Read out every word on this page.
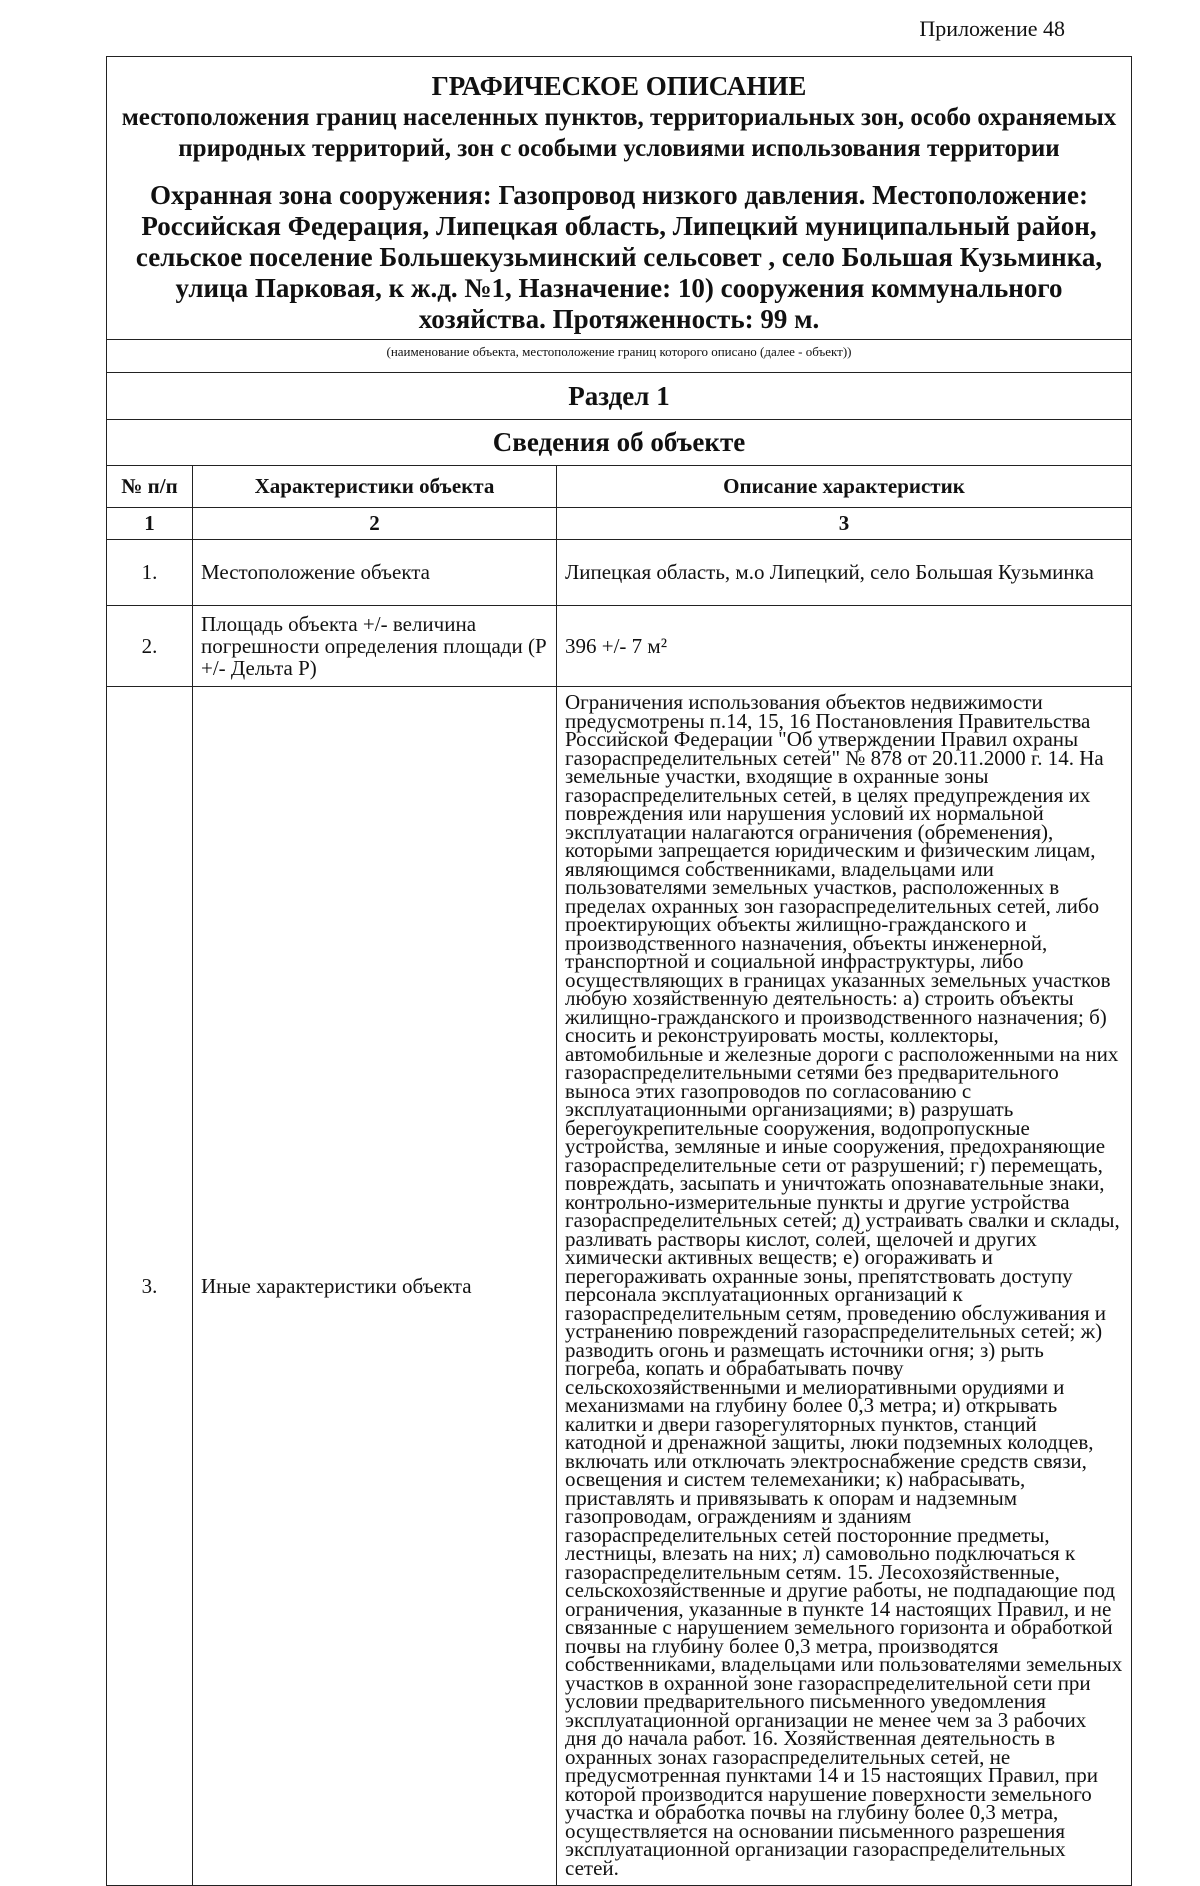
Приложение 48
ГРАФИЧЕСКОЕ ОПИСАНИЕ
местоположения границ населенных пунктов, территориальных зон, особо охраняемых природных территорий, зон с особыми условиями использования территории
Охранная зона сооружения: Газопровод низкого давления. Местоположение: Российская Федерация, Липецкая область, Липецкий муниципальный район, сельское поселение Большекузьминский сельсовет , село Большая Кузьминка, улица Парковая, к ж.д. №1, Назначение: 10) сооружения коммунального хозяйства. Протяженность: 99 м.
(наименование объекта, местоположение границ которого описано (далее - объект))
Раздел 1
Сведения об объекте
№ п/п	Характеристики объекта	Описание характеристик
1	2	3
1.	Местоположение объекта	Липецкая область, м.о Липецкий, село Большая Кузьминка
2.	Площадь объекта +/- величина погрешности определения площади (P +/- Дельта P)	396 +/- 7 м²
3.	Иные характеристики объекта	Ограничения использования объектов недвижимости предусмотрены п.14, 15, 16 Постановления Правительства Российской Федерации "Об утверждении Правил охраны газораспределительных сетей" № 878 от 20.11.2000 г. 14. На земельные участки, входящие в охранные зоны газораспределительных сетей, в целях предупреждения их повреждения или нарушения условий их нормальной эксплуатации налагаются ограничения (обременения), которыми запрещается юридическим и физическим лицам, являющимся собственниками, владельцами или пользователями земельных участков, расположенных в пределах охранных зон газораспределительных сетей, либо проектирующих объекты жилищно-гражданского и производственного назначения, объекты инженерной, транспортной и социальной инфраструктуры, либо осуществляющих в границах указанных земельных участков любую хозяйственную деятельность: а) строить объекты жилищно-гражданского и производственного назначения; б) сносить и реконструировать мосты, коллекторы, автомобильные и железные дороги с расположенными на них газораспределительными сетями без предварительного выноса этих газопроводов по согласованию с эксплуатационными организациями; в) разрушать берегоукрепительные сооружения, водопропускные устройства, земляные и иные сооружения, предохраняющие газораспределительные сети от разрушений; г) перемещать, повреждать, засыпать и уничтожать опознавательные знаки, контрольно-измерительные пункты и другие устройства газораспределительных сетей; д) устраивать свалки и склады, разливать растворы кислот, солей, щелочей и других химически активных веществ; е) огораживать и перегораживать охранные зоны, препятствовать доступу персонала эксплуатационных организаций к газораспределительным сетям, проведению обслуживания и устранению повреждений газораспределительных сетей; ж) разводить огонь и размещать источники огня; з) рыть погреба, копать и обрабатывать почву сельскохозяйственными и мелиоративными орудиями и механизмами на глубину более 0,3 метра; и) открывать калитки и двери газорегуляторных пунктов, станций катодной и дренажной защиты, люки подземных колодцев, включать или отключать электроснабжение средств связи, освещения и систем телемеханики; к) набрасывать, приставлять и привязывать к опорам и надземным газопроводам, ограждениям и зданиям газораспределительных сетей посторонние предметы, лестницы, влезать на них; л) самовольно подключаться к газораспределительным сетям. 15. Лесохозяйственные, сельскохозяйственные и другие работы, не подпадающие под ограничения, указанные в пункте 14 настоящих Правил, и не связанные с нарушением земельного горизонта и обработкой почвы на глубину более 0,3 метра, производятся собственниками, владельцами или пользователями земельных участков в охранной зоне газораспределительной сети при условии предварительного письменного уведомления эксплуатационной организации не менее чем за 3 рабочих дня до начала работ. 16. Хозяйственная деятельность в охранных зонах газораспределительных сетей, не предусмотренная пунктами 14 и 15 настоящих Правил, при которой производится нарушение поверхности земельного участка и обработка почвы на глубину более 0,3 метра, осуществляется на основании письменного разрешения эксплуатационной организации газораспределительных сетей.
